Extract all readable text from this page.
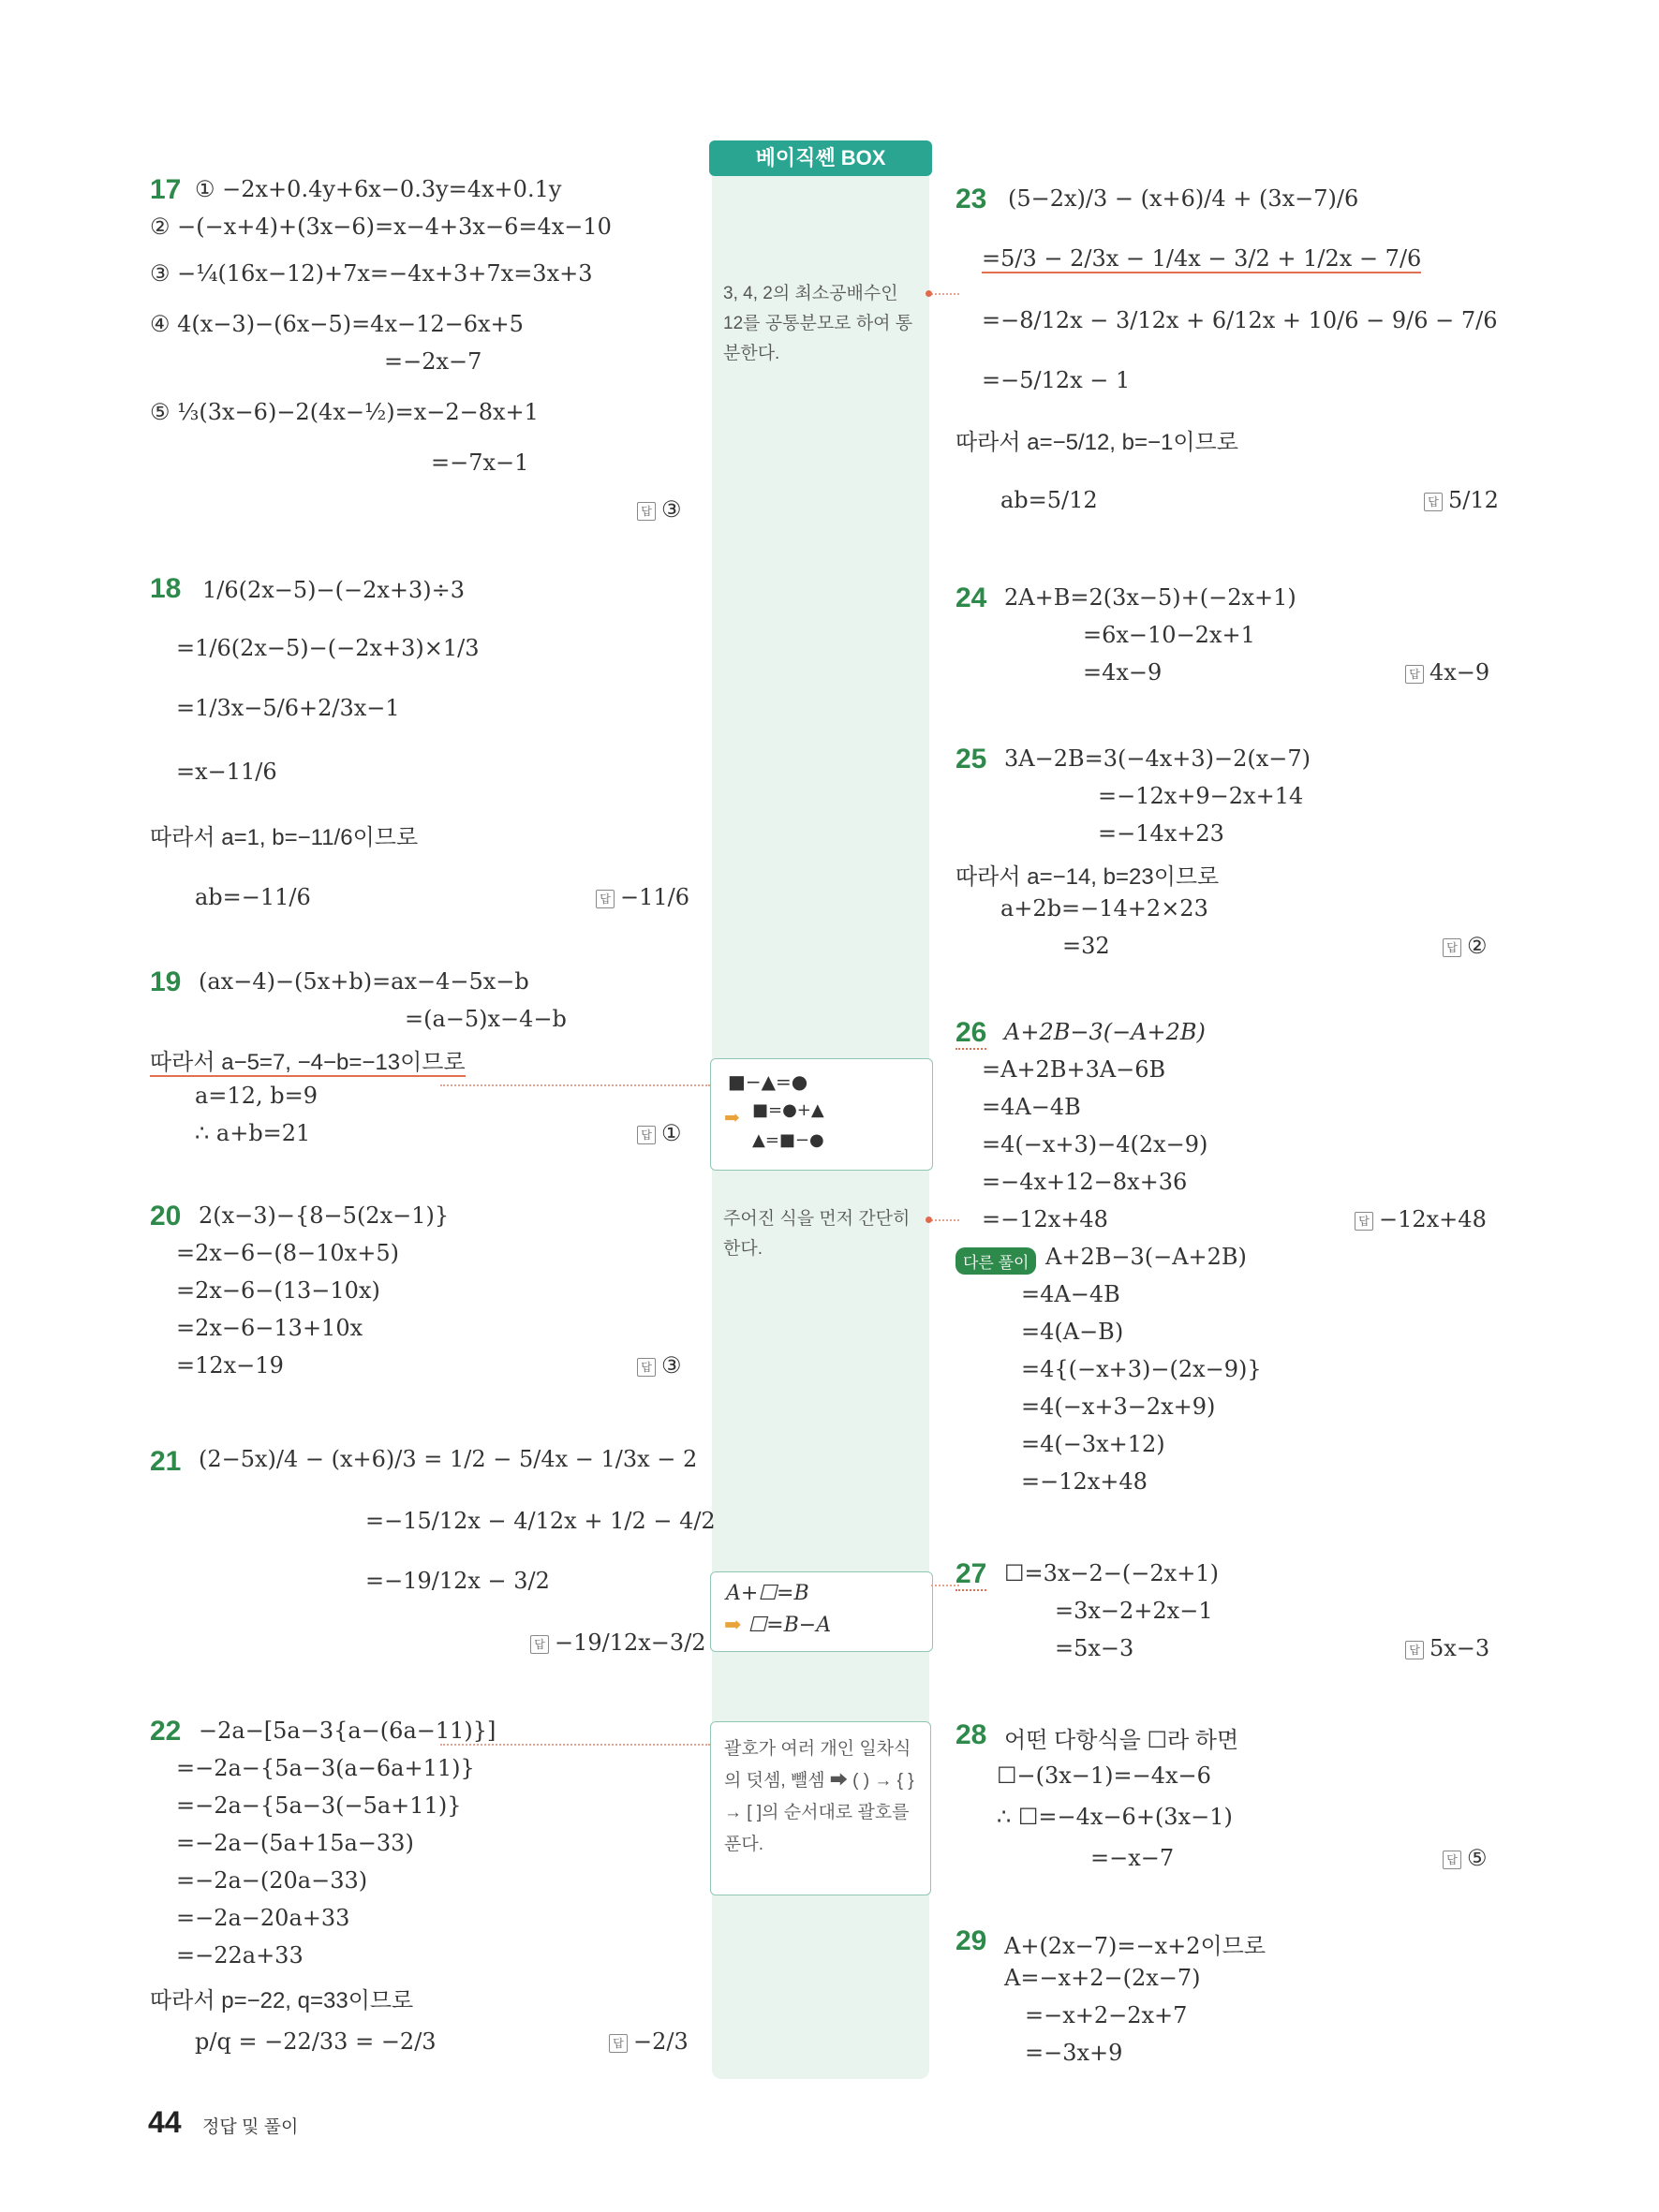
베이직쎈 BOX
3, 4, 2의 최소공배수인 12를 공통분모로 하여 통분한다.
■−▲=●
➡ ■=●+▲
▲=■−●
주어진 식을 먼저 간단히 한다.
A+☐=B
➡ ☐=B−A
괄호가 여러 개인 일차식의 덧셈, 뺄셈 ➡ ( ) → { } → [ ]의 순서대로 괄호를 푼다.
17 ① −2x+0.4y+6x−0.3y=4x+0.1y
② −(−x+4)+(3x−6)=x−4+3x−6=4x−10
③ −¼(16x−12)+7x=−4x+3+7x=3x+3
④ 4(x−3)−(6x−5)=4x−12−6x+5
=−2x−7
⑤ ⅓(3x−6)−2(4x−½)=x−2−8x+1
=−7x−1
답 ③
18 1/6(2x−5)−(−2x+3)÷3
=1/6(2x−5)−(−2x+3)×1/3
=1/3x−5/6+2/3x−1
=x−11/6
따라서 a=1, b=−11/6이므로
ab=−11/6	답 −11/6
19 (ax−4)−(5x+b)=ax−4−5x−b
=(a−5)x−4−b
따라서 a−5=7, −4−b=−13이므로
a=12, b=9
∴ a+b=21	답 ①
20 2(x−3)−{8−5(2x−1)}
=2x−6−(8−10x+5)
=2x−6−(13−10x)
=2x−6−13+10x
=12x−19	답 ③
21 (2−5x)/4 − (x+6)/3 = 1/2 − 5/4x − 1/3x − 2
=−15/12x − 4/12x + 1/2 − 4/2
=−19/12x − 3/2
답 −19/12x−3/2
22 −2a−[5a−3{a−(6a−11)}]
=−2a−{5a−3(a−6a+11)}
=−2a−{5a−3(−5a+11)}
=−2a−(5a+15a−33)
=−2a−(20a−33)
=−2a−20a+33
=−22a+33
따라서 p=−22, q=33이므로
p/q = −22/33 = −2/3	답 −2/3
23 (5−2x)/3 − (x+6)/4 + (3x−7)/6
=5/3 − 2/3x − 1/4x − 3/2 + 1/2x − 7/6
=−8/12x − 3/12x + 6/12x + 10/6 − 9/6 − 7/6
=−5/12x − 1
따라서 a=−5/12, b=−1이므로
ab=5/12	답 5/12
24 2A+B=2(3x−5)+(−2x+1)
=6x−10−2x+1
=4x−9	답 4x−9
25 3A−2B=3(−4x+3)−2(x−7)
=−12x+9−2x+14
=−14x+23
따라서 a=−14, b=23이므로
a+2b=−14+2×23
=32	답 ②
26 A+2B−3(−A+2B)
=A+2B+3A−6B
=4A−4B
=4(−x+3)−4(2x−9)
=−4x+12−8x+36
=−12x+48	답 −12x+48
다른 풀이 A+2B−3(−A+2B)
=4A−4B
=4(A−B)
=4{(−x+3)−(2x−9)}
=4(−x+3−2x+9)
=4(−3x+12)
=−12x+48
27 ☐=3x−2−(−2x+1)
=3x−2+2x−1
=5x−3	답 5x−3
28 어떤 다항식을 ☐라 하면
☐−(3x−1)=−4x−6
∴ ☐=−4x−6+(3x−1)
=−x−7	답 ⑤
29 A+(2x−7)=−x+2이므로
A=−x+2−(2x−7)
=−x+2−2x+7
=−3x+9
44 정답 및 풀이
